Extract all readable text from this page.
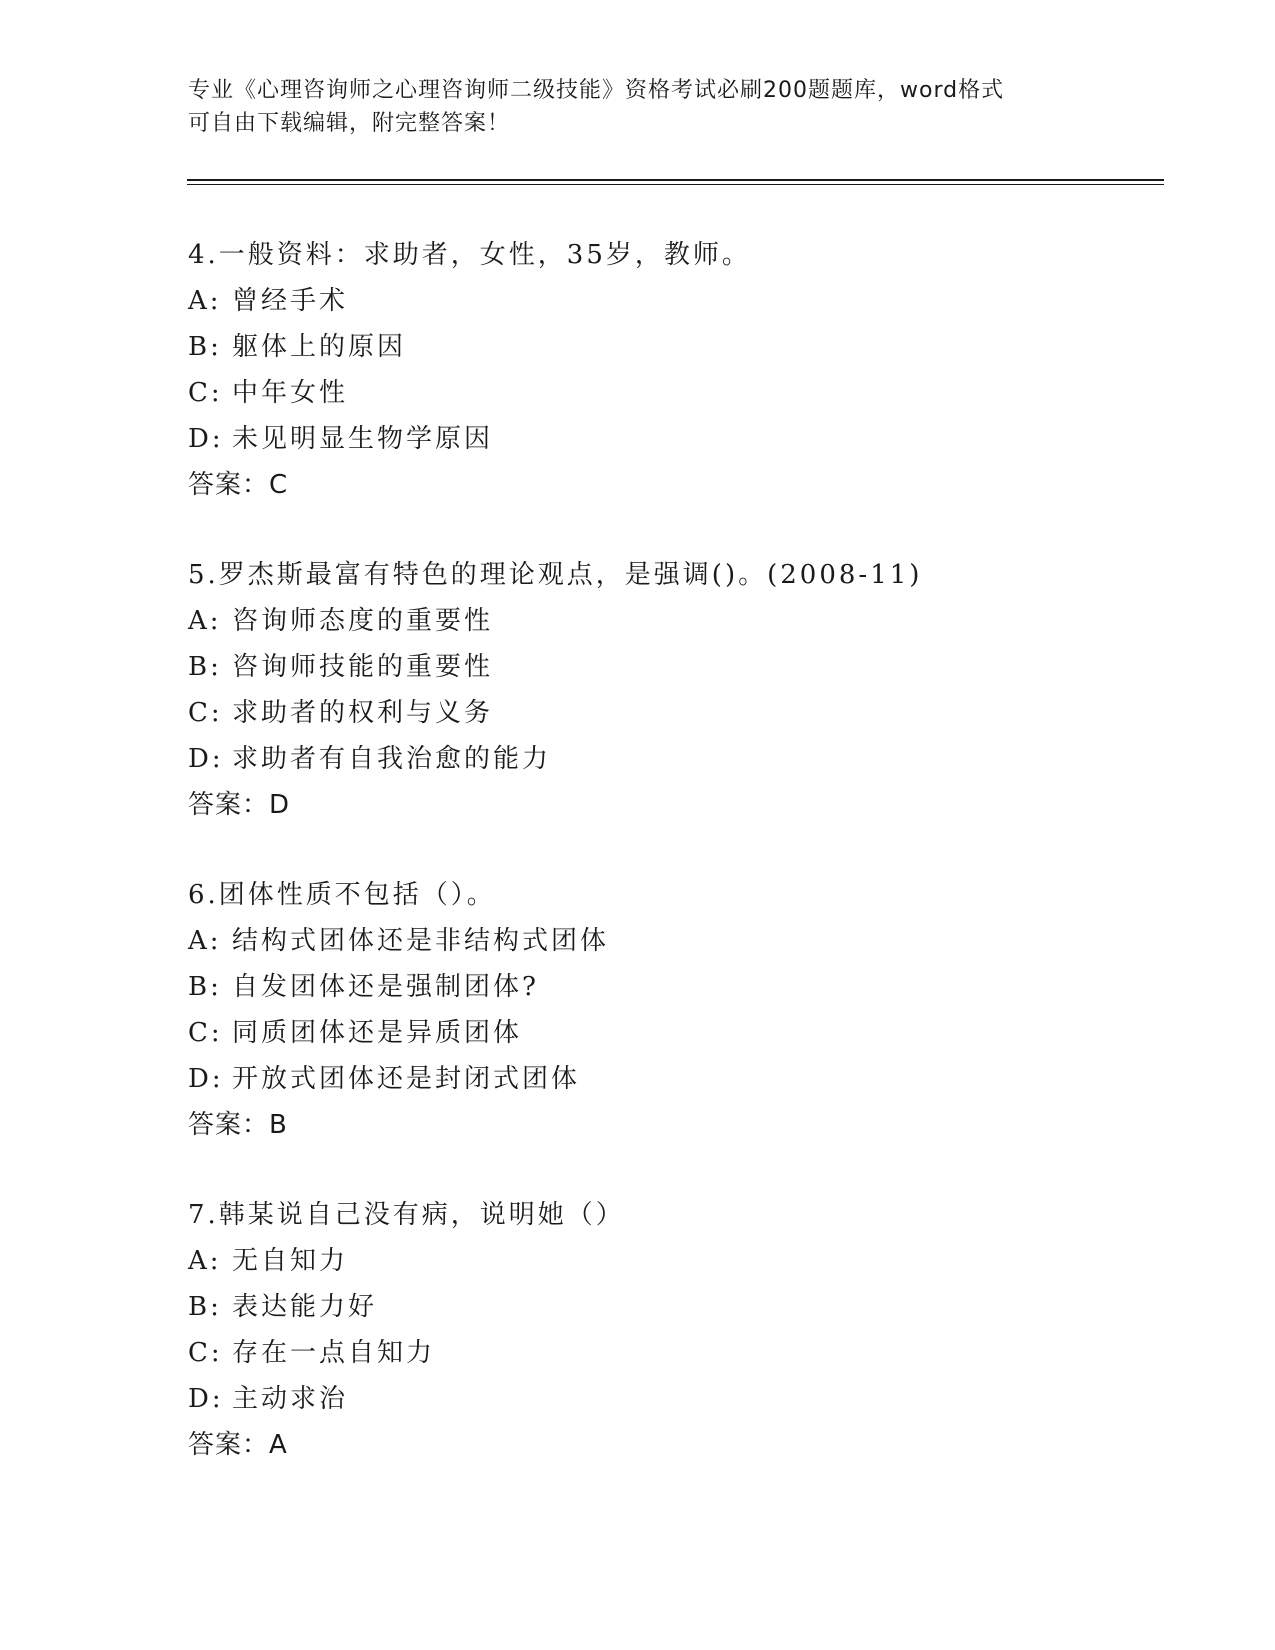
专业《心理咨询师之心理咨询师二级技能》资格考试必刷200题题库，word格式
可自由下载编辑，附完整答案！
4.一般资料：求助者，女性，35岁，教师。
A: 曾经手术
B: 躯体上的原因
C: 中年女性
D: 未见明显生物学原因
答案：C
5.罗杰斯最富有特色的理论观点，是强调()。(2008-11)
A: 咨询师态度的重要性
B: 咨询师技能的重要性
C: 求助者的权利与义务
D: 求助者有自我治愈的能力
答案：D
6.团体性质不包括（）。
A: 结构式团体还是非结构式团体
B: 自发团体还是强制团体?
C: 同质团体还是异质团体
D: 开放式团体还是封闭式团体
答案：B
7.韩某说自己没有病，说明她（）
A: 无自知力
B: 表达能力好
C: 存在一点自知力
D: 主动求治
答案：A
